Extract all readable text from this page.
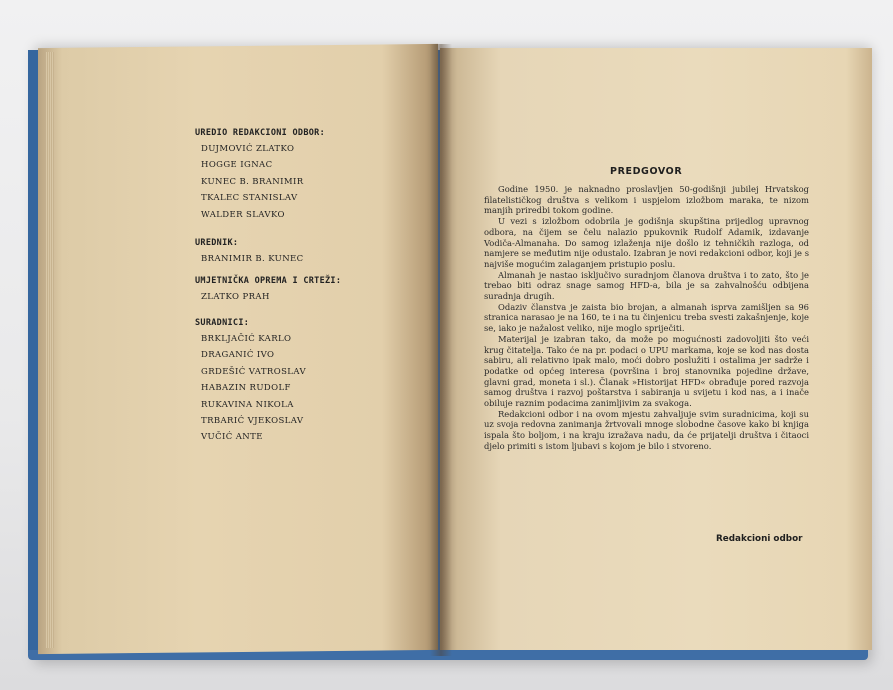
UREDIO REDAKCIONI ODBOR:
DUJMOVIĆ ZLATKO
HOGGE IGNAC
KUNEC B. BRANIMIR
TKALEC STANISLAV
WALDER SLAVKO
UREDNIK:
BRANIMIR B. KUNEC
UMJETNIČKA OPREMA I CRTEŽI:
ZLATKO PRAH
SURADNICI:
BRKLJAČIĆ KARLO
DRAGANIĆ IVO
GRDEŠIĆ VATROSLAV
HABAZIN RUDOLF
RUKAVINA NIKOLA
TRBARIĆ VJEKOSLAV
VUČIĆ ANTE
PREDGOVOR

Godine 1950. je naknadno proslavljen 50-godišnji jubilej Hrvatskog filatelističkog društva s velikom i uspjelom izložbom maraka, te nizom manjih priredbi tokom godine.

U vezi s izložbom odobrila je godišnja skupština prijedlog upravnog odbora, na čijem se čelu nalazio ppukovnik Rudolf Adamik, izdavanje Vodiča-Almanaha. Do samog izlaženja nije došlo iz tehničkih razloga, od namjere se međutim nije odustalo. Izabran je novi redakcioni odbor, koji je s najviše mogućim zalaganjem pristupio poslu.

Almanah je nastao isključivo suradnjom članova društva i to zato, što je trebao biti odraz snage samog HFD-a, bila je sa zahvalnošću odbijena suradnja drugih.

Odaziv članstva je zaista bio brojan, a almanah isprva zamišljen sa 96 stranica narasao je na 160, te i na tu činjenicu treba svesti zakašnjenje, koje se, iako je nažalost veliko, nije moglo spriječiti.

Materijal je izabran tako, da može po mogućnosti zadovoljiti što veći krug čitatelja. Tako će na pr. podaci o UPU markama, koje se kod nas dosta sabiru, ali relativno ipak malo, moći dobro poslužiti i ostalima jer sadrže i podatke od općeg interesa (površina i broj stanovnika pojedine države, glavni grad, moneta i sl.). Članak »Historijat HFD« obrađuje pored razvoja samog društva i razvoj poštarstva i sabiranja u svijetu i kod nas, a i inače obiluje raznim podacima zanimljivim za svakoga.

Redakcioni odbor i na ovom mjestu zahvaljuje svim suradnicima, koji su uz svoja redovna zanimanja žrtvovali mnoge slobodne časove kako bi knjiga ispala što boljom, i na kraju izražava nadu, da će prijatelji društva i čitaoci djelo primiti s istom ljubavi s kojom je bilo i stvoreno.

Redakcioni odbor
